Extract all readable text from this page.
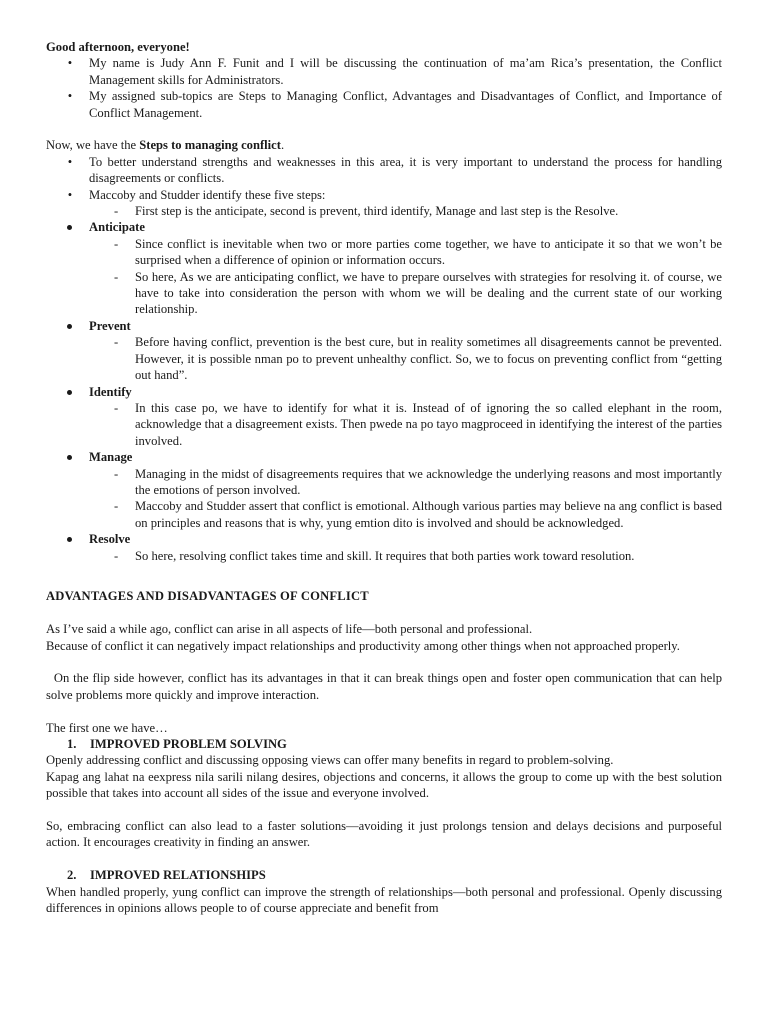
Good afternoon, everyone!

• My name is Judy Ann F. Funit and I will be discussing the continuation of ma’am Rica’s presentation, the Conflict Management skills for Administrators.
• My assigned sub-topics are Steps to Managing Conflict, Advantages and Disadvantages of Conflict, and Importance of Conflict Management.

Now, we have the Steps to managing conflict.

• To better understand strengths and weaknesses in this area, it is very important to understand the process for handling disagreements or conflicts.
• Maccoby and Studder identify these five steps:
- First step is the anticipate, second is prevent, third identify, Manage and last step is the Resolve.
Anticipate
- Since conflict is inevitable when two or more parties come together, we have to anticipate it so that we won’t be surprised when a difference of opinion or information occurs.
- So here, As we are anticipating conflict, we have to prepare ourselves with strategies for resolving it. of course, we have to take into consideration the person with whom we will be dealing and the current state of our working relationship.
Prevent
- Before having conflict, prevention is the best cure, but in reality sometimes all disagreements cannot be prevented. However, it is possible nman po to prevent unhealthy conflict. So, we to focus on preventing conflict from “getting out hand”.
Identify
- In this case po, we have to identify for what it is. Instead of of ignoring the so called elephant in the room, acknowledge that a disagreement exists. Then pwede na po tayo magproceed in identifying the interest of the parties involved.
Manage
- Managing in the midst of disagreements requires that we acknowledge the underlying reasons and most importantly the emotions of person involved.
- Maccoby and Studder assert that conflict is emotional. Although various parties may believe na ang conflict is based on principles and reasons that is why, yung emtion dito is involved and should be acknowledged.
Resolve
- So here, resolving conflict takes time and skill. It requires that both parties work toward resolution.

ADVANTAGES AND DISADVANTAGES OF CONFLICT

As I’ve said a while ago, conflict can arise in all aspects of life—both personal and professional.

Because of conflict it can negatively impact relationships and productivity among other things when not approached properly.

On the flip side however, conflict has its advantages in that it can break things open and foster open communication that can help solve problems more quickly and improve interaction.

The first one we have…

1. IMPROVED PROBLEM SOLVING

Openly addressing conflict and discussing opposing views can offer many benefits in regard to problem-solving.

Kapag ang lahat na eexpress nila sarili nilang desires, objections and concerns, it allows the group to come up with the best solution possible that takes into account all sides of the issue and everyone involved.

So, embracing conflict can also lead to a faster solutions—avoiding it just prolongs tension and delays decisions and purposeful action. It encourages creativity in finding an answer.

2. IMPROVED RELATIONSHIPS

When handled properly, yung conflict can improve the strength of relationships—both personal and professional. Openly discussing differences in opinions allows people to of course appreciate and benefit from
